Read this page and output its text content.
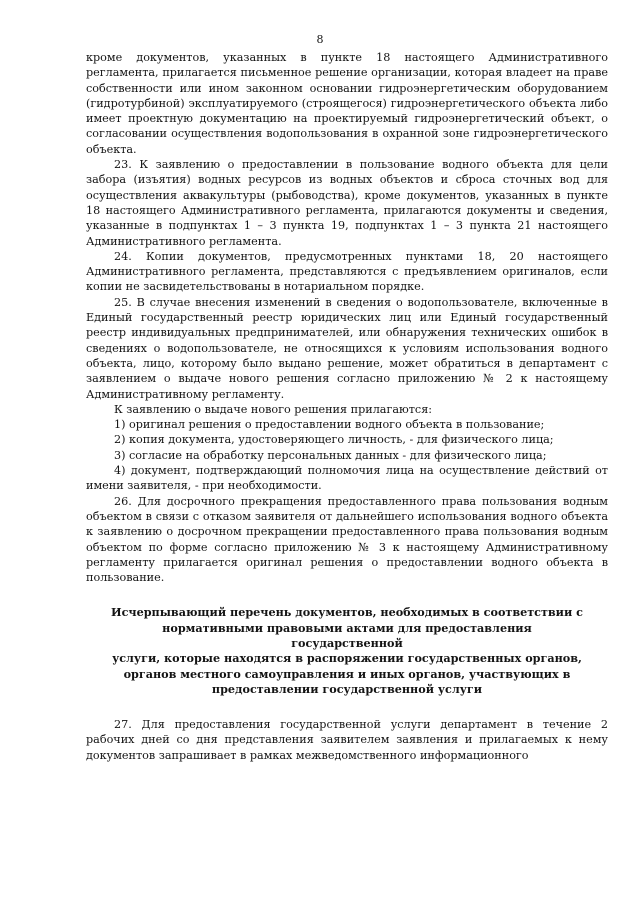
8

кроме документов, указанных в пункте 18 настоящего Административного регламента, прилагается письменное решение организации, которая владеет на праве собственности или ином законном основании гидроэнергетическим оборудованием (гидротурбиной) эксплуатируемого (строящегося) гидроэнергетического объекта либо имеет проектную документацию на проектируемый гидроэнергетический объект, о согласовании осуществления водопользования в охранной зоне гидроэнергетического объекта.

23. К заявлению о предоставлении в пользование водного объекта для цели забора (изъятия) водных ресурсов из водных объектов и сброса сточных вод для осуществления аквакультуры (рыбоводства), кроме документов, указанных в пункте 18 настоящего Административного регламента, прилагаются документы и сведения, указанные в подпунктах 1 – 3 пункта 19, подпунктах 1 – 3 пункта 21 настоящего Административного регламента.

24. Копии документов, предусмотренных пунктами 18, 20 настоящего Административного регламента, представляются с предъявлением оригиналов, если копии не засвидетельствованы в нотариальном порядке.

25. В случае внесения изменений в сведения о водопользователе, включенные в Единый государственный реестр юридических лиц или Единый государственный реестр индивидуальных предпринимателей, или обнаружения технических ошибок в сведениях о водопользователе, не относящихся к условиям использования водного объекта, лицо, которому было выдано решение, может обратиться в департамент с заявлением о выдаче нового решения согласно приложению № 2 к настоящему Административному регламенту.

К заявлению о выдаче нового решения прилагаются:

1) оригинал решения о предоставлении водного объекта в пользование;

2) копия документа, удостоверяющего личность, - для физического лица;

3) согласие на обработку персональных данных - для физического лица;

4) документ, подтверждающий полномочия лица на осуществление действий от имени заявителя, - при необходимости.

26. Для досрочного прекращения предоставленного права пользования водным объектом в связи с отказом заявителя от дальнейшего использования водного объекта к заявлению о досрочном прекращении предоставленного права пользования водным объектом по форме согласно приложению № 3 к настоящему Административному регламенту прилагается оригинал решения о предоставлении водного объекта в пользование.

Исчерпывающий перечень документов, необходимых в соответствии с
нормативными правовыми актами для предоставления государственной
услуги, которые находятся в распоряжении государственных органов,
органов местного самоуправления и иных органов, участвующих в
предоставлении государственной услуги

27. Для предоставления государственной услуги департамент в течение 2 рабочих дней со дня представления заявителем заявления и прилагаемых к нему документов запрашивает в рамках межведомственного информационного
